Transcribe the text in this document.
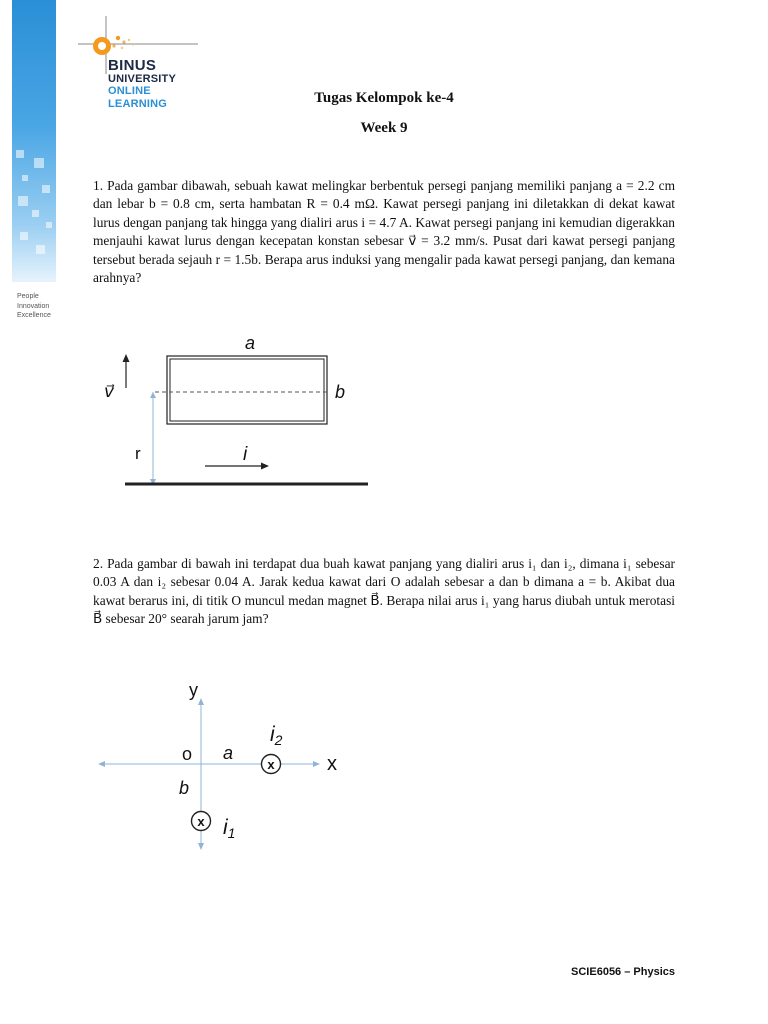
People
Innovation
Excellence
BINUS
UNIVERSITY
ONLINE
LEARNING	Tugas Kelompok ke-4
Week 9

1. Pada gambar dibawah, sebuah kawat melingkar berbentuk persegi panjang memiliki panjang a = 2.2 cm dan lebar b = 0.8 cm, serta hambatan R = 0.4 mΩ. Kawat persegi panjang ini diletakkan di dekat kawat lurus dengan panjang tak hingga yang dialiri arus i = 4.7 A. Kawat persegi panjang ini kemudian digerakkan menjauhi kawat lurus dengan kecepatan konstan sebesar v⃗ = 3.2 mm/s. Pusat dari kawat persegi panjang tersebut berada sejauh r = 1.5b. Berapa arus induksi yang mengalir pada kawat persegi panjang, dan kemana arahnya?

a
b
v⃗
r	i

2. Pada gambar di bawah ini terdapat dua buah kawat panjang yang dialiri arus i₁ dan i₂, dimana i₁ sebesar 0.03 A dan i₂ sebesar 0.04 A. Jarak kedua kawat dari O adalah sebesar a dan b dimana a = b. Akibat dua kawat berarus ini, di titik O muncul medan magnet B⃗. Berapa nilai arus i₁ yang harus diubah untuk merotasi B⃗ sebesar 20° searah jarum jam?

x
x
y
x
o a
b
i2
i1
SCIE6056 – Physics
